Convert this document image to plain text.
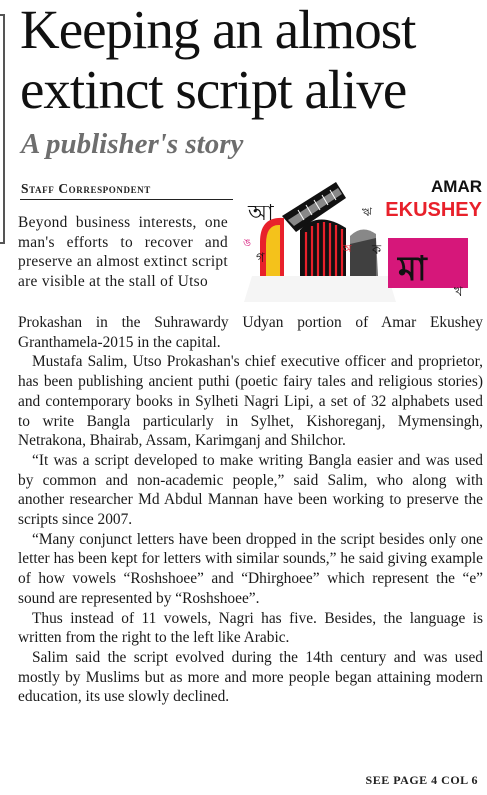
Keeping an almost extinct script alive
A publisher's story
Staff Correspondent
আ
ঙ
গ
ঋ
অ ক মা
খ
AMAR
EKUSHEY

Beyond business interests, one man's efforts to recover and preserve an almost extinct script are visible at the stall of Utso

Prokashan in the Suhrawardy Udyan portion of Amar Ekushey Granthamela-2015 in the capital.

Mustafa Salim, Utso Prokashan's chief executive officer and proprietor, has been publishing ancient puthi (poetic fairy tales and religious stories) and contemporary books in Sylheti Nagri Lipi, a set of 32 alphabets used to write Bangla particularly in Sylhet, Kishoreganj, Mymensingh, Netrakona, Bhairab, Assam, Karimganj and Shilchor.

“It was a script developed to make writing Bangla easier and was used by common and non-academic people,” said Salim, who along with another researcher Md Abdul Mannan have been working to preserve the scripts since 2007.

“Many conjunct letters have been dropped in the script besides only one letter has been kept for letters with similar sounds,” he said giving example of how vowels “Roshshoee” and “Dhirghoee” which represent the “e” sound are represented by “Roshshoee”.

Thus instead of 11 vowels, Nagri has five. Besides, the language is written from the right to the left like Arabic.

Salim said the script evolved during the 14th century and was used mostly by Muslims but as more and more people began attaining modern education, its use slowly declined.

SEE PAGE 4 COL 6
